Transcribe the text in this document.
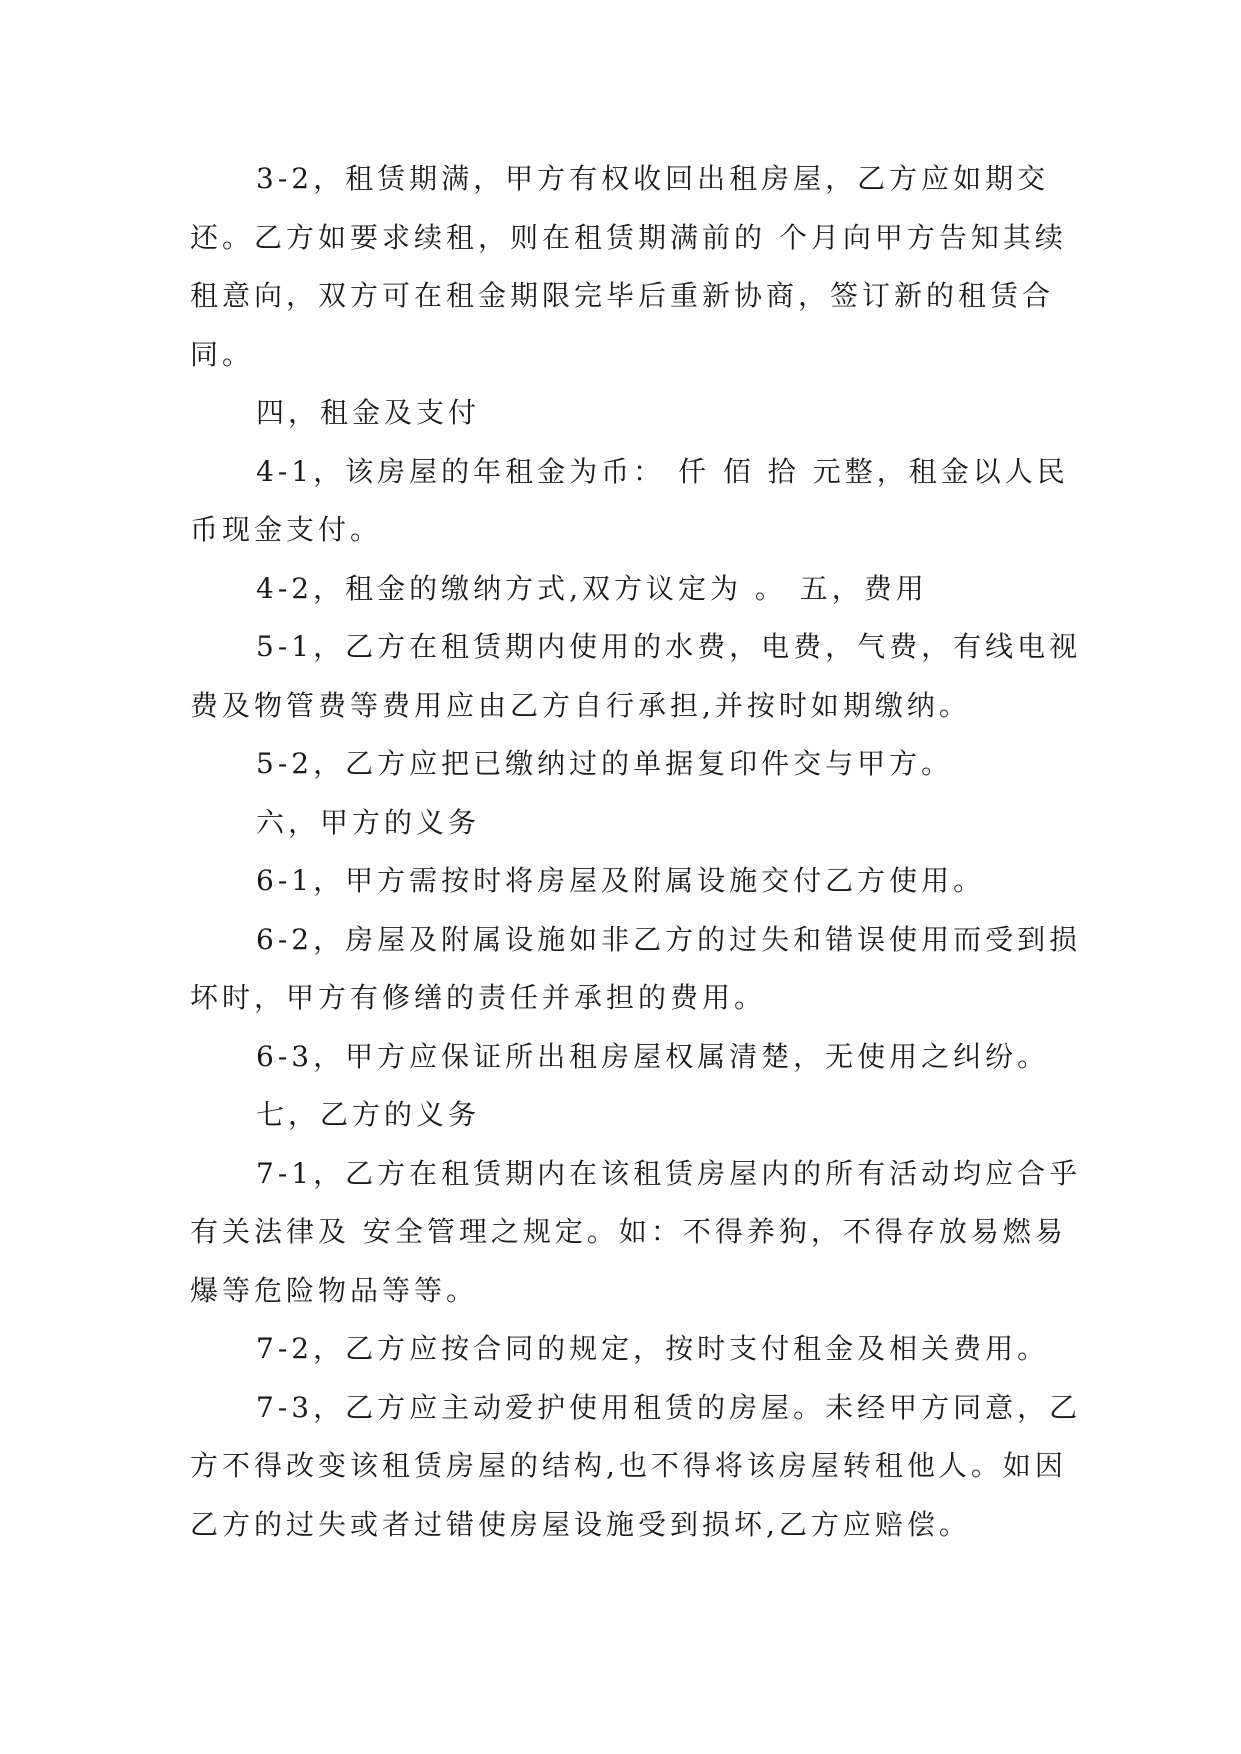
3-2，租赁期满，甲方有权收回出租房屋，乙方应如期交还。乙方如要求续租，则在租赁期满前的 个月向甲方告知其续租意向，双方可在租金期限完毕后重新协商，签订新的租赁合同。

四，租金及支付

4-1，该房屋的年租金为币： 仟 佰 拾 元整，租金以人民币现金支付。

4-2，租金的缴纳方式,双方议定为 。 五，费用

5-1，乙方在租赁期内使用的水费，电费，气费，有线电视费及物管费等费用应由乙方自行承担,并按时如期缴纳。

5-2，乙方应把已缴纳过的单据复印件交与甲方。

六，甲方的义务

6-1，甲方需按时将房屋及附属设施交付乙方使用。

6-2，房屋及附属设施如非乙方的过失和错误使用而受到损坏时，甲方有修缮的责任并承担的费用。

6-3，甲方应保证所出租房屋权属清楚，无使用之纠纷。

七，乙方的义务

7-1，乙方在租赁期内在该租赁房屋内的所有活动均应合乎有关法律及 安全管理之规定。如：不得养狗，不得存放易燃易爆等危险物品等等。

7-2，乙方应按合同的规定，按时支付租金及相关费用。

7-3，乙方应主动爱护使用租赁的房屋。未经甲方同意，乙方不得改变该租赁房屋的结构,也不得将该房屋转租他人。如因乙方的过失或者过错使房屋设施受到损坏,乙方应赔偿。
